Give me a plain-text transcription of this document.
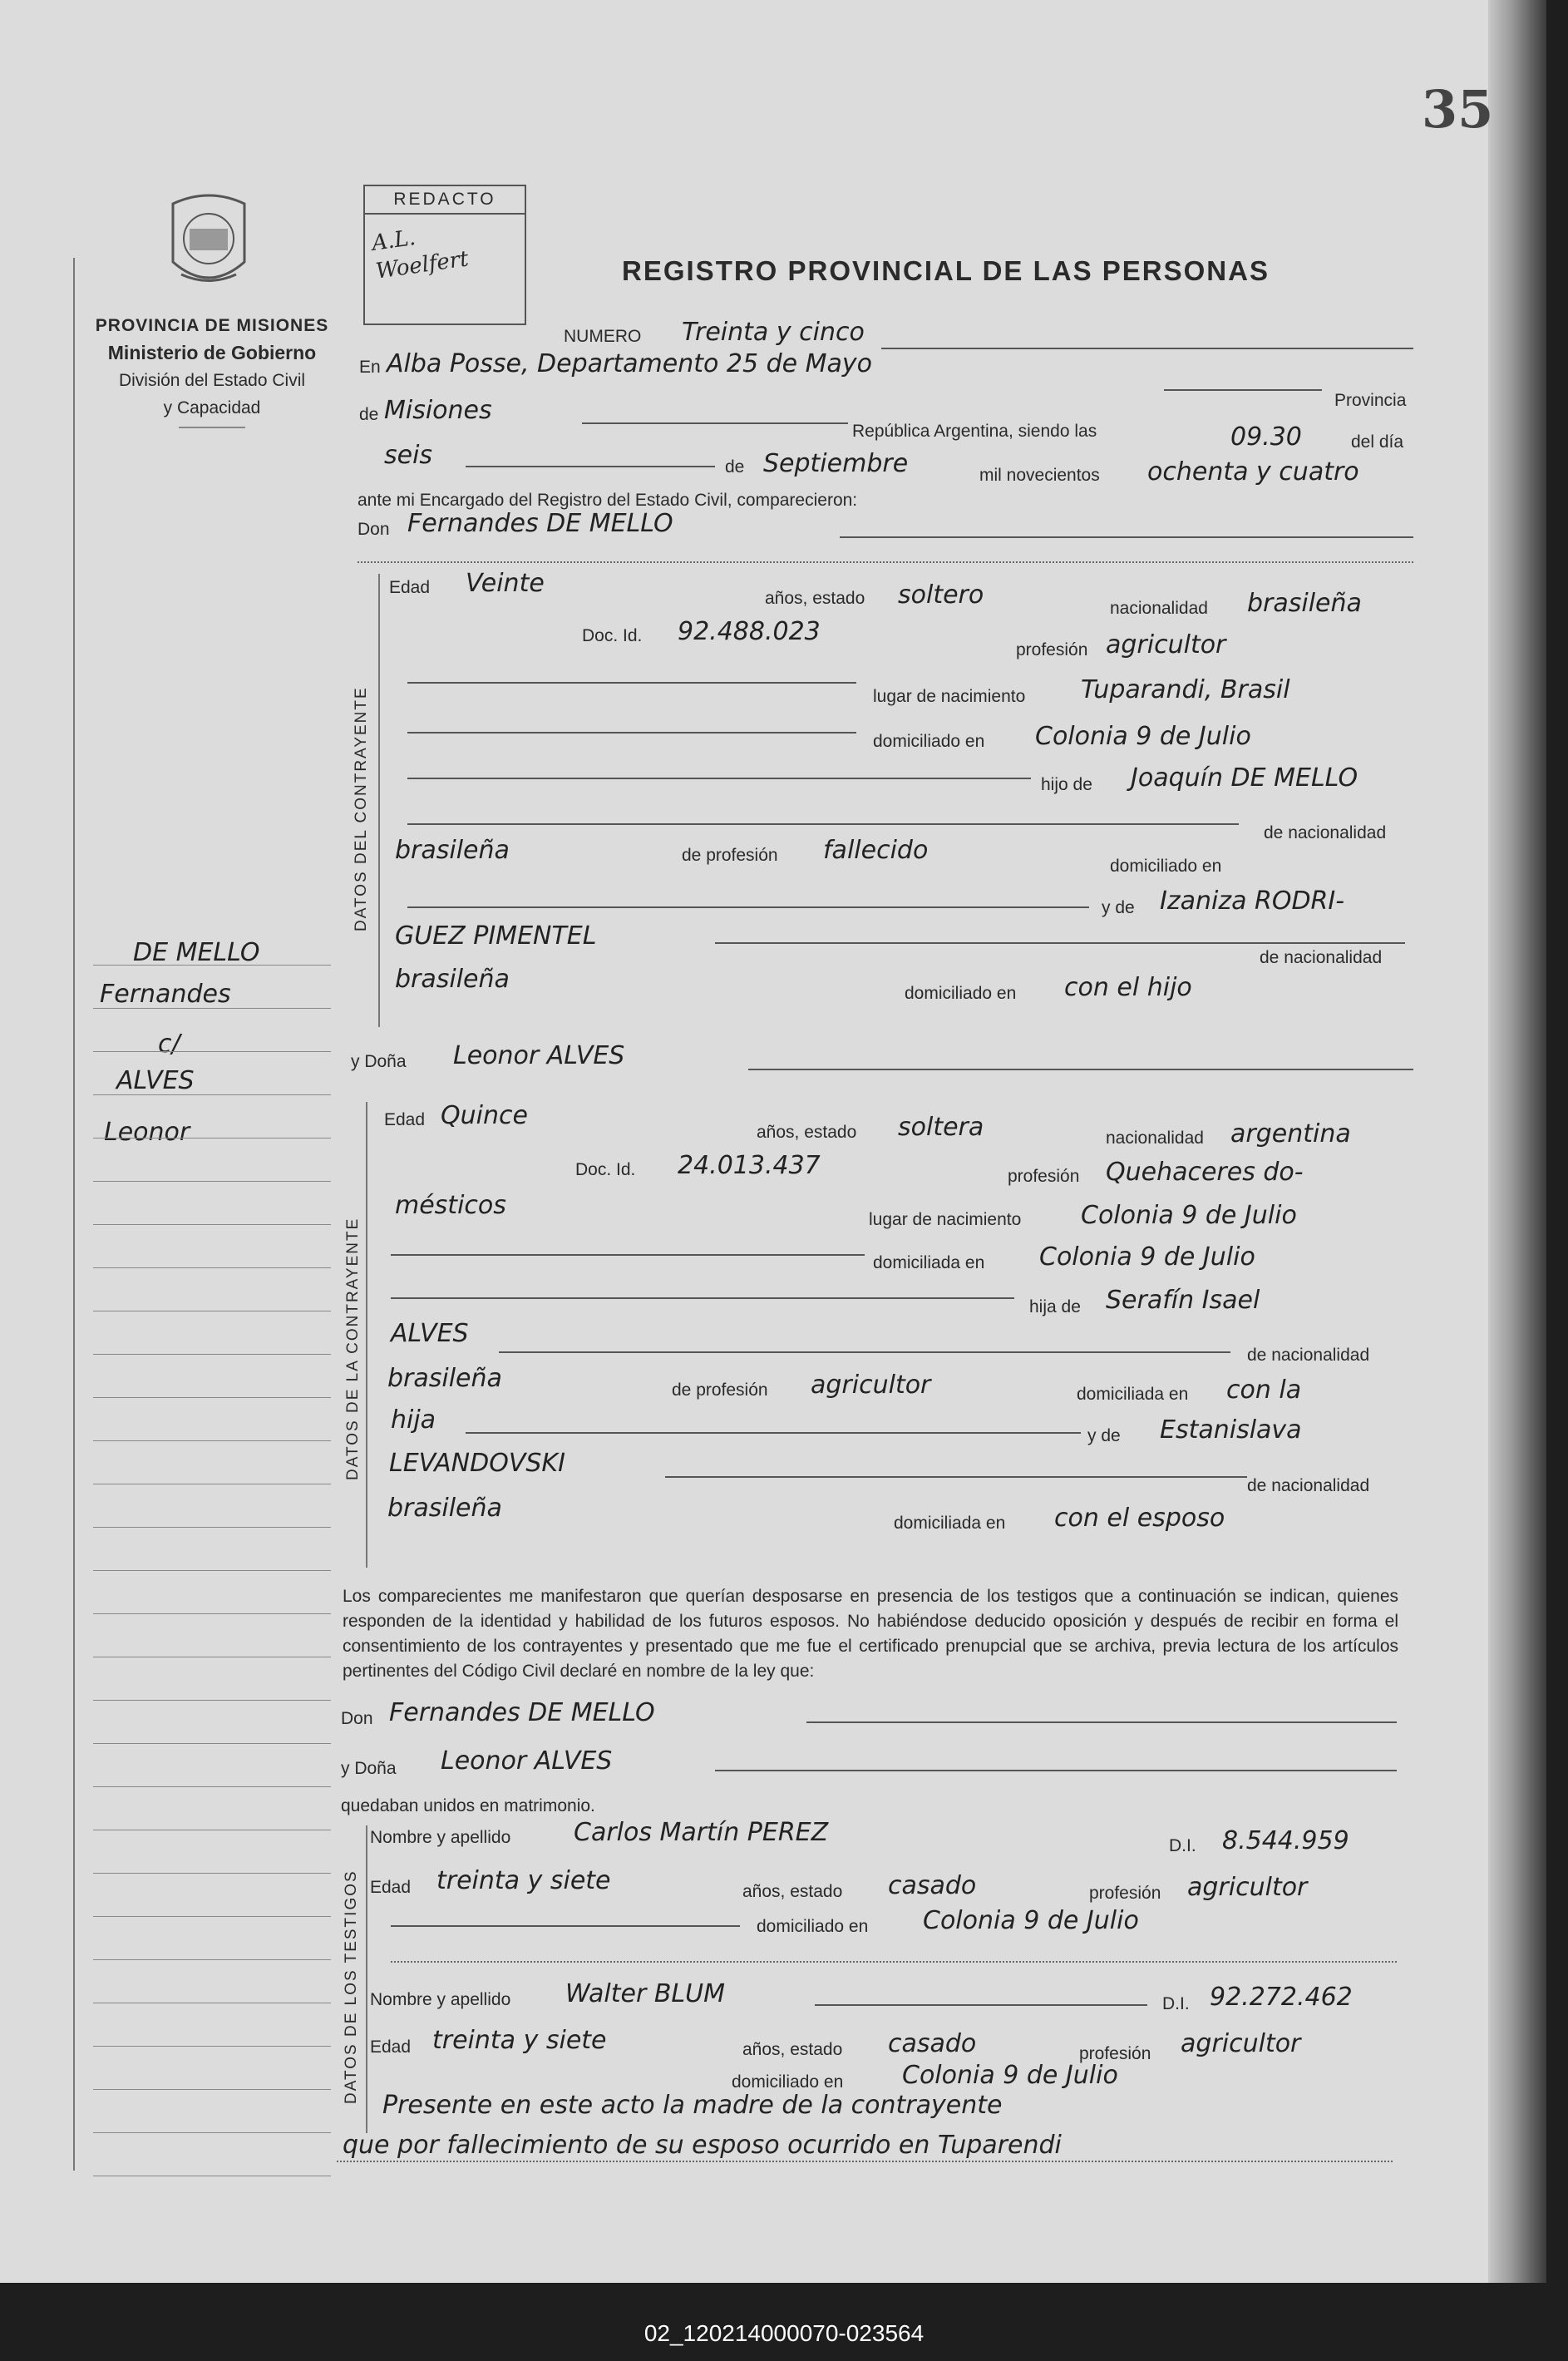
35
PROVINCIA DE MISIONES
Ministerio de Gobierno
División del Estado Civil
y Capacidad
REDACTO
A.L. Woelfert	REGISTRO PROVINCIAL DE LAS PERSONAS
NUMERO Treinta y cinco
En Alba Posse, Departamento 25 de Mayo
Provincia
de Misiones
República Argentina, siendo las	09.30	del día
seis	de Septiembre	mil novecientos ochenta y cuatro
ante mi Encargado del Registro del Estado Civil, comparecieron:
Don Fernandes DE MELLO
DATOS DEL CONTRAYENTE
Edad Veinte
años, estado soltero	nacionalidad brasileña
Doc. Id. 92.488.023
profesión agricultor
lugar de nacimiento Tuparandi, Brasil
domiciliado en Colonia 9 de Julio
hijo de Joaquín DE MELLO
de nacionalidad
brasileña	de profesión fallecido
domiciliado en
y de Izaniza RODRI-
GUEZ PIMENTEL
de nacionalidad
brasileña	domiciliado en con el hijo
y Doña Leonor ALVES
DATOS DE LA CONTRAYENTE
Edad Quince
años, estado soltera	nacionalidad argentina
Doc. Id. 24.013.437	profesión Quehaceres do-
mésticos	lugar de nacimiento Colonia 9 de Julio
domiciliada en Colonia 9 de Julio
hija de Serafín Isael
ALVES
de nacionalidad
brasileña	de profesión agricultor	domiciliada en con la
hija
y de Estanislava
LEVANDOVSKI
de nacionalidad
brasileña
domiciliada en con el esposo
DE MELLO
Fernandes
c/
ALVES
Leonor
Los comparecientes me manifestaron que querían desposarse en presencia de los testigos que a continuación se indican, quienes responden de la identidad y habilidad de los futuros esposos. No habiéndose deducido oposición y después de recibir en forma el consentimiento de los contrayentes y presentado que me fue el certificado prenupcial que se archiva, previa lectura de los artículos pertinentes del Código Civil declaré en nombre de la ley que:
Don Fernandes DE MELLO
y Doña Leonor ALVES
quedaban unidos en matrimonio.
DATOS DE LOS TESTIGOS
Nombre y apellido	Carlos Martín PEREZ	D.I. 8.544.959
Edad treinta y siete	años, estado casado	profesión agricultor
domiciliado en Colonia 9 de Julio
Nombre y apellido Walter BLUM	D.I. 92.272.462
Edad treinta y siete	años, estado casado	profesión agricultor
domiciliado en Colonia 9 de Julio
Presente en este acto la madre de la contrayente
que por fallecimiento de su esposo ocurrido en Tuparendi
02_120214000070-023564
